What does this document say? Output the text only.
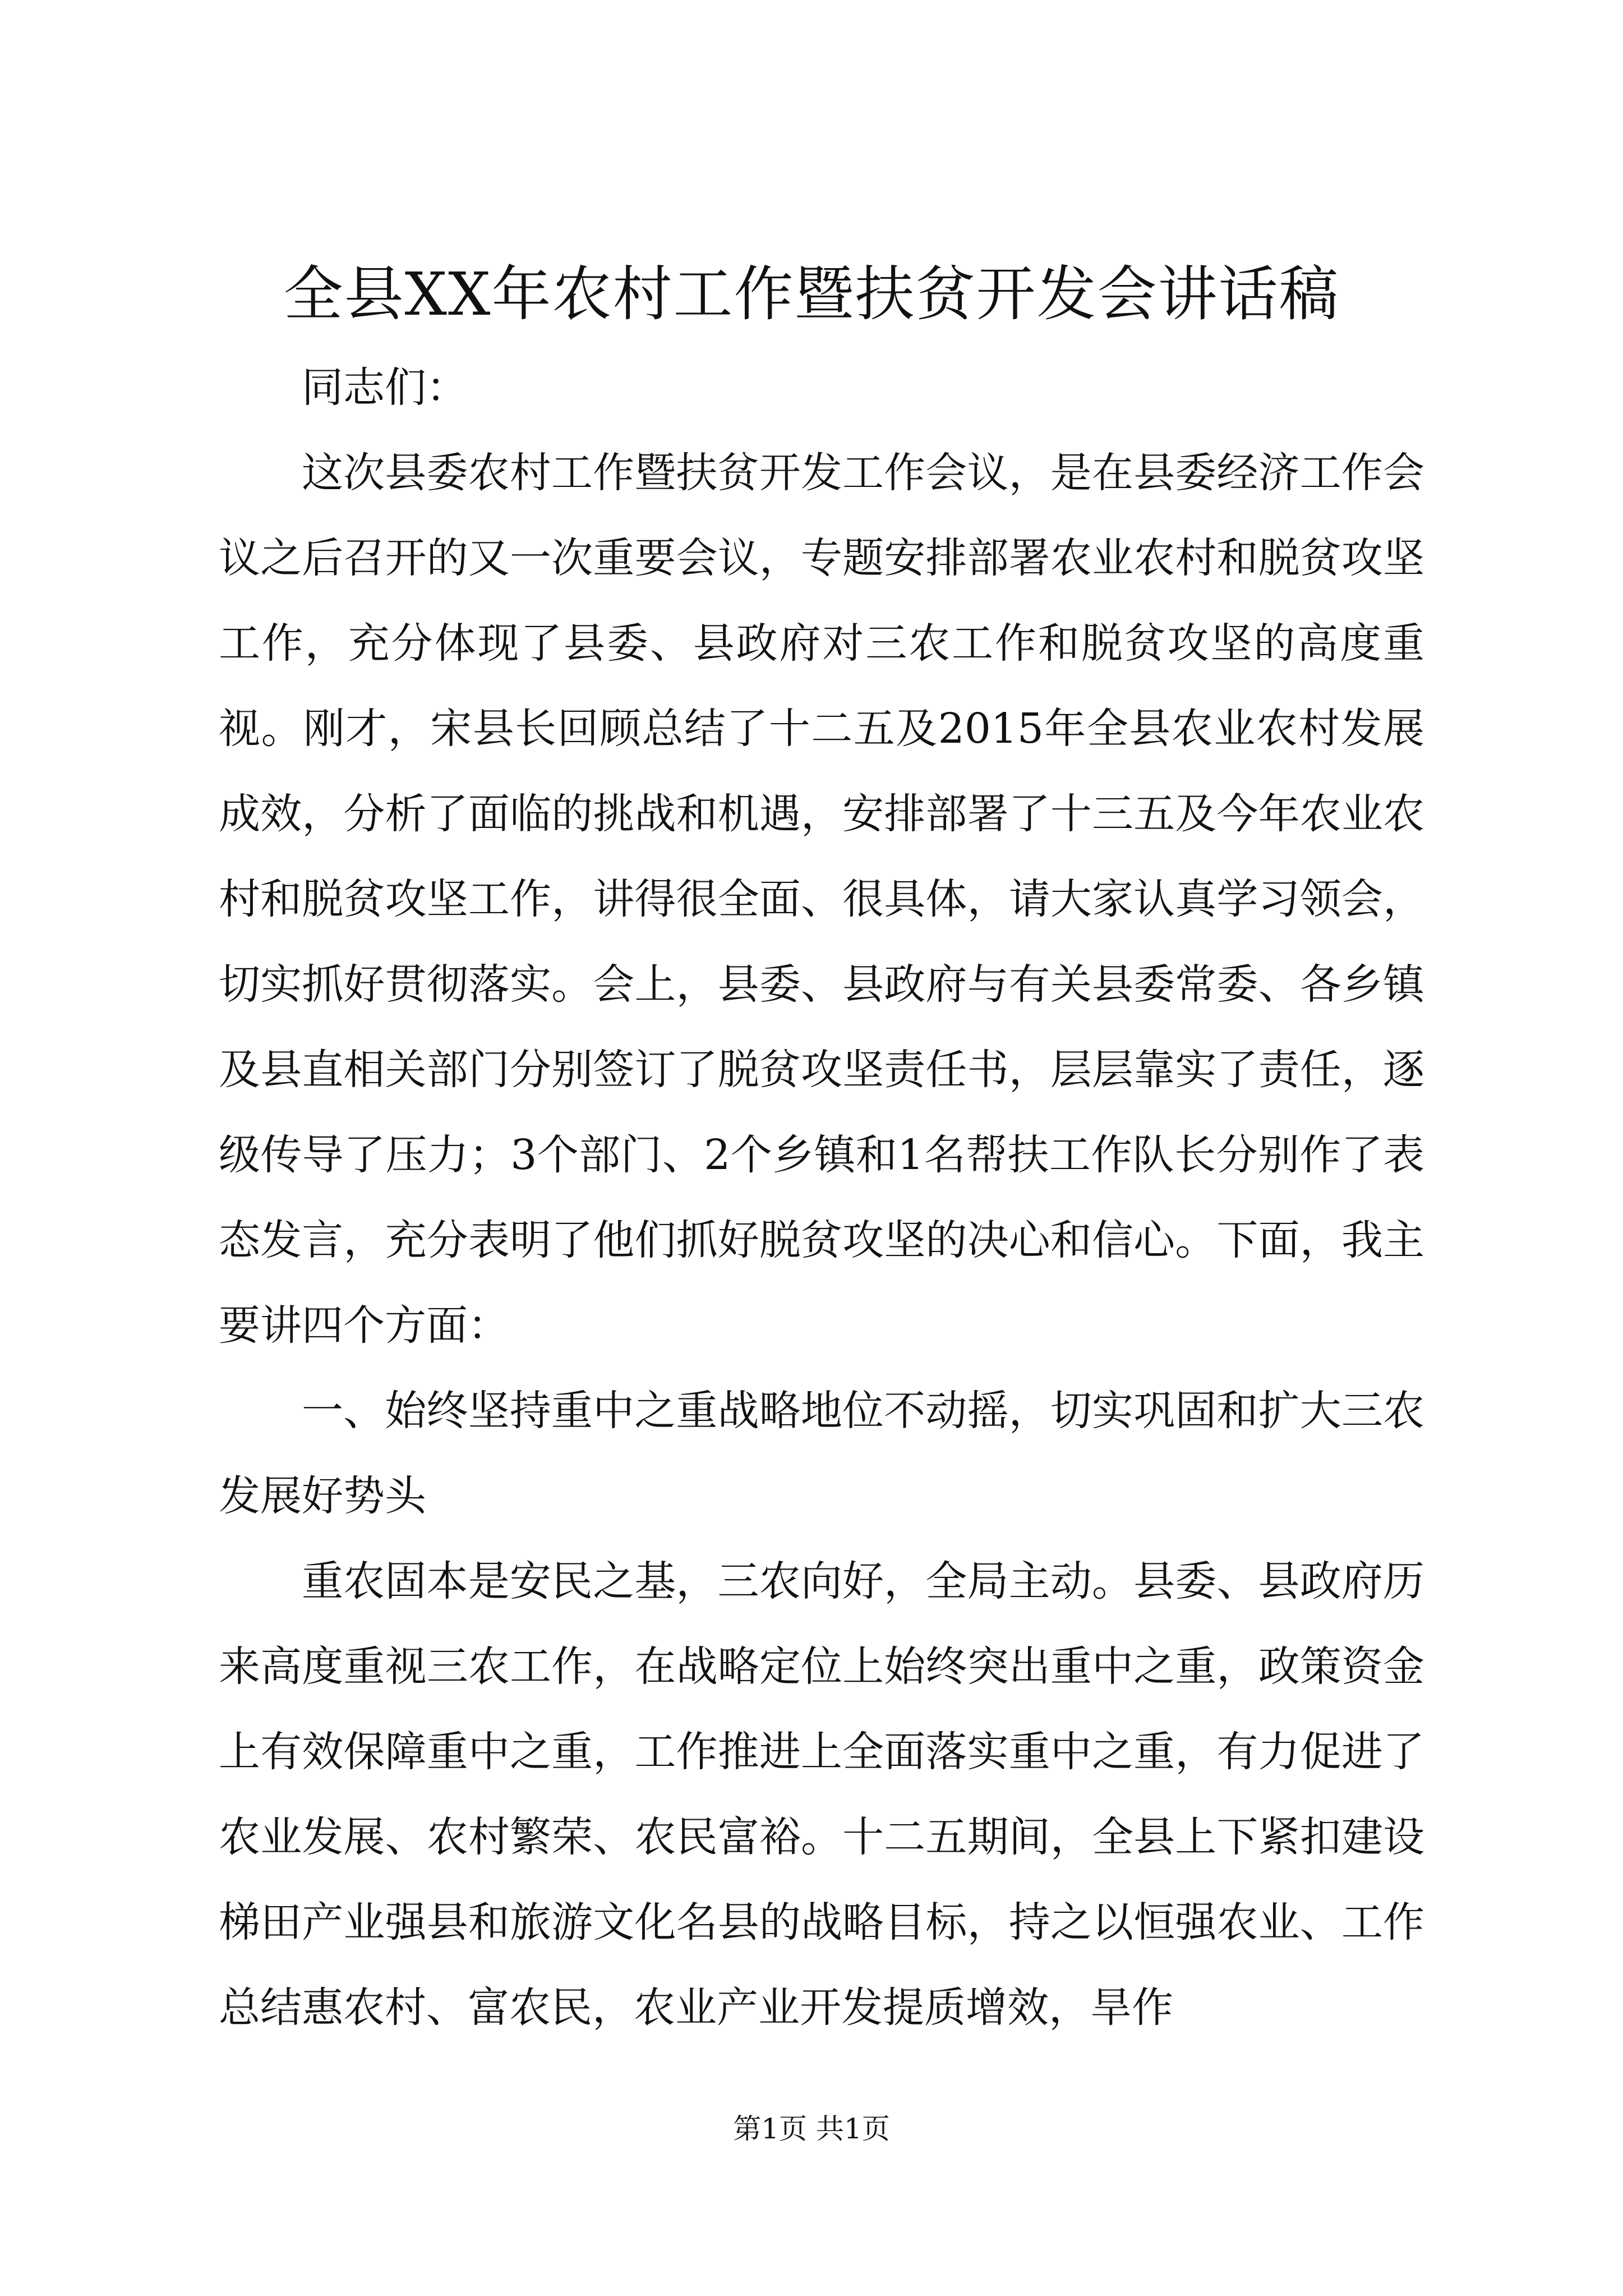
全县XX年农村工作暨扶贫开发会讲话稿

同志们：

这次县委农村工作暨扶贫开发工作会议，是在县委经济工作会议之后召开的又一次重要会议，专题安排部署农业农村和脱贫攻坚工作，充分体现了县委、县政府对三农工作和脱贫攻坚的高度重视。刚才，宋县长回顾总结了十二五及2015年全县农业农村发展成效，分析了面临的挑战和机遇，安排部署了十三五及今年农业农村和脱贫攻坚工作，讲得很全面、很具体，请大家认真学习领会，切实抓好贯彻落实。会上，县委、县政府与有关县委常委、各乡镇及县直相关部门分别签订了脱贫攻坚责任书，层层靠实了责任，逐级传导了压力；3个部门、2个乡镇和1名帮扶工作队长分别作了表态发言，充分表明了他们抓好脱贫攻坚的决心和信心。下面，我主要讲四个方面：

一、始终坚持重中之重战略地位不动摇，切实巩固和扩大三农发展好势头

重农固本是安民之基，三农向好，全局主动。县委、县政府历来高度重视三农工作，在战略定位上始终突出重中之重，政策资金上有效保障重中之重，工作推进上全面落实重中之重，有力促进了农业发展、农村繁荣、农民富裕。十二五期间，全县上下紧扣建设梯田产业强县和旅游文化名县的战略目标，持之以恒强农业、工作总结惠农村、富农民，农业产业开发提质增效，旱作

第1页 共1页
